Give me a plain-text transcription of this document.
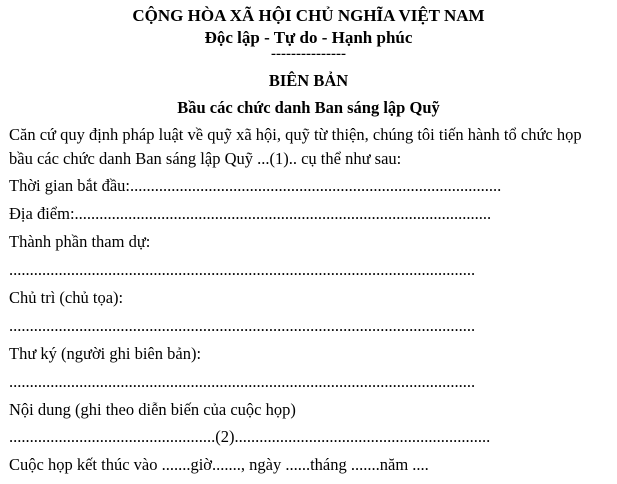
CỘNG HÒA XÃ HỘI CHỦ NGHĨA VIỆT NAM
Độc lập - Tự do - Hạnh phúc
---------------
BIÊN BẢN
Bầu các chức danh Ban sáng lập Quỹ
Căn cứ quy định pháp luật về quỹ xã hội, quỹ từ thiện, chúng tôi tiến hành tổ chức họp
bầu các chức danh Ban sáng lập Quỹ ...(1).. cụ thể như sau:
Thời gian bắt đầu:..........................................................................................
Địa điểm:.....................................................................................................
Thành phần tham dự:
.................................................................................................................
Chủ trì (chủ tọa):
.................................................................................................................
Thư ký (người ghi biên bản):
.................................................................................................................
Nội dung (ghi theo diễn biến của cuộc họp)
..................................................(2)..............................................................
Cuộc họp kết thúc vào .......giờ......., ngày ......tháng .......năm ....
